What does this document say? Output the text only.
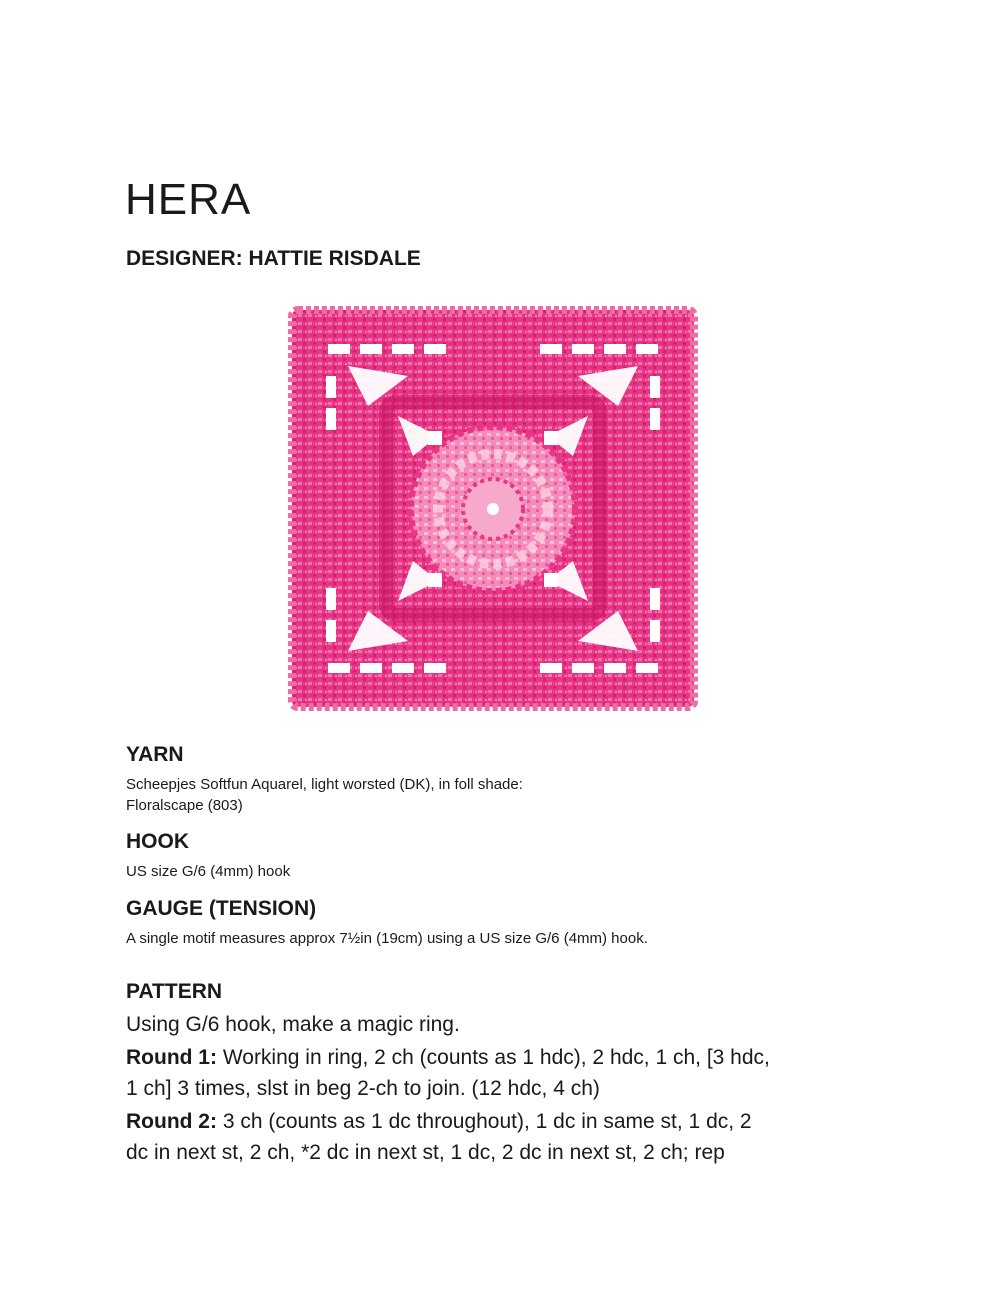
HERA
DESIGNER: HATTIE RISDALE
YARN

Scheepjes Softfun Aquarel, light worsted (DK), in foll shade:

Floralscape (803)

HOOK

US size G/6 (4mm) hook

GAUGE (TENSION)

A single motif measures approx 7½in (19cm) using a US size G/6 (4mm) hook.

PATTERN

Using G/6 hook, make a magic ring.

Round 1: Working in ring, 2 ch (counts as 1 hdc), 2 hdc, 1 ch, [3 hdc,
1 ch] 3 times, slst in beg 2-ch to join. (12 hdc, 4 ch)

Round 2: 3 ch (counts as 1 dc throughout), 1 dc in same st, 1 dc, 2
dc in next st, 2 ch, *2 dc in next st, 1 dc, 2 dc in next st, 2 ch; rep
